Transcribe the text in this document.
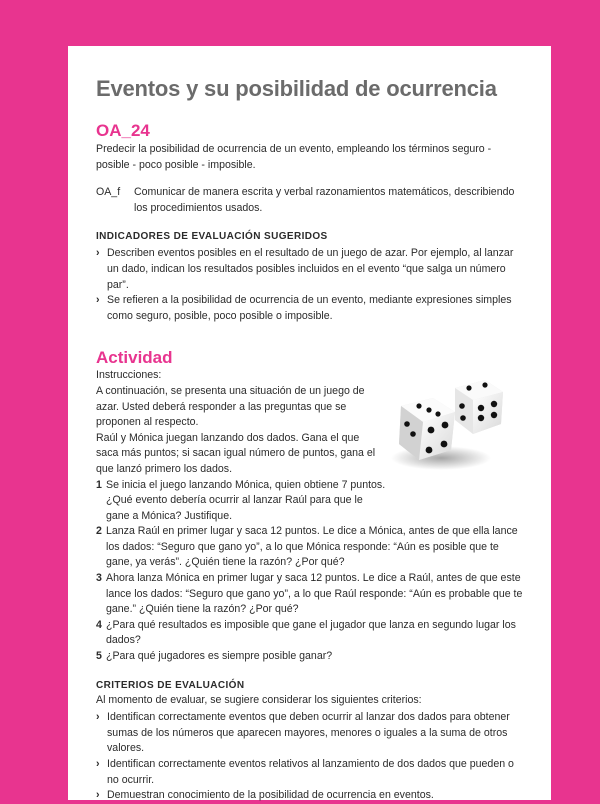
Eventos y su posibilidad de ocurrencia
OA_24

Predecir la posibilidad de ocurrencia de un evento, empleando los términos seguro - posible - poco posible - imposible.

OA_f	Comunicar de manera escrita y verbal razonamientos matemáticos, describiendo los procedimientos usados.
INDICADORES DE EVALUACIÓN SUGERIDOS
› Describen eventos posibles en el resultado de un juego de azar. Por ejemplo, al lanzar un dado, indican los resultados posibles incluidos en el evento “que salga un número par”.
› Se refieren a la posibilidad de ocurrencia de un evento, mediante expresiones simples como seguro, posible, poco posible o imposible.
Actividad

Instrucciones:

A continuación, se presenta una situación de un juego de azar. Usted deberá responder a las preguntas que se proponen al respecto.

Raúl y Mónica juegan lanzando dos dados. Gana el que saca más puntos; si sacan igual número de puntos, gana el que lanzó primero los dados.

1 Se inicia el juego lanzando Mónica, quien obtiene 7 puntos. ¿Qué evento debería ocurrir al lanzar Raúl para que le gane a Mónica? Justifique.
2 Lanza Raúl en primer lugar y saca 12 puntos. Le dice a Mónica, antes de que ella lance los dados: “Seguro que gano yo”, a lo que Mónica responde: “Aún es posible que te gane, ya verás”. ¿Quién tiene la razón? ¿Por qué?
3 Ahora lanza Mónica en primer lugar y saca 12 puntos. Le dice a Raúl, antes de que este lance los dados: “Seguro que gano yo”, a lo que Raúl responde: “Aún es probable que te gane.” ¿Quién tiene la razón? ¿Por qué?
4 ¿Para qué resultados es imposible que gane el jugador que lanza en segundo lugar los dados?
5 ¿Para qué jugadores es siempre posible ganar?
CRITERIOS DE EVALUACIÓN

Al momento de evaluar, se sugiere considerar los siguientes criterios:

› Identifican correctamente eventos que deben ocurrir al lanzar dos dados para obtener sumas de los números que aparecen mayores, menores o iguales a la suma de otros valores.
› Identifican correctamente eventos relativos al lanzamiento de dos dados que pueden o no ocurrir.
› Demuestran conocimiento de la posibilidad de ocurrencia en eventos.
